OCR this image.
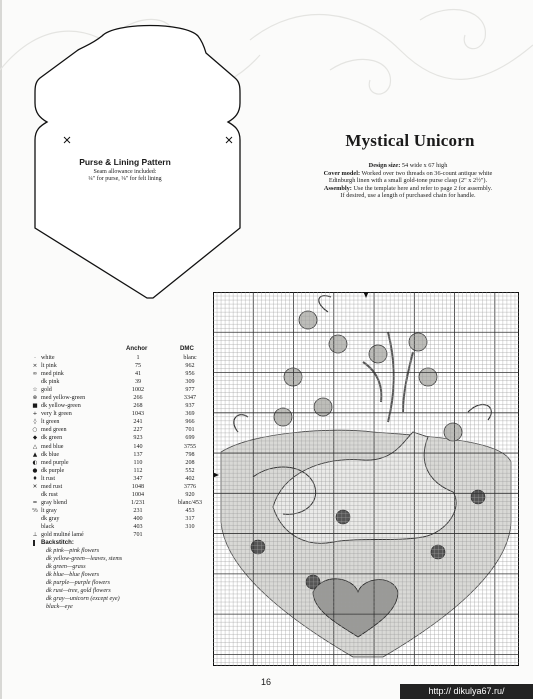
Purse & Lining Pattern
Seam allowance included:
¼" for purse, ⅛" for felt lining
Mystical Unicorn

Design size: 54 wide x 67 high

Cover model: Worked over two threads on 36-count antique white

Edinburgh linen with a small gold-tone purse clasp (2" x 2½").

Assembly: Use the template here and refer to page 2 for assembly.

If desired, use a length of purchased chain for handle.

Anchor	DMC
· white	1	blanc
× lt pink	75	962
∞ med pink	41	956
dk pink	39	309
☆ gold	1002	977
⊗ med yellow-green	266	3347
■ dk yellow-green	268	937
+ very lt green	1043	369
◊ lt green	241	966
○ med green	227	701
◆ dk green	923	699
△ med blue	140	3755
▲ dk blue	137	798
◐ med purple	110	208
● dk purple	112	552
♦ lt rust	347	402
✕ med rust	1048	3776
dk rust	1004	920
= gray blend	1/231	blanc/453
⁰⁄₀ lt gray	231	453
dk gray	400	317
black	403	310
⊥ gold muliné lamé	701
Backstitch:
dk pink—pink flowers
dk yellow-green—leaves, stems
dk green—grass
dk blue—blue flowers
dk purple—purple flowers
dk rust—tree, gold flowers
dk gray—unicorn (except eye)
black—eye
16
http:// dikulya67.ru/
